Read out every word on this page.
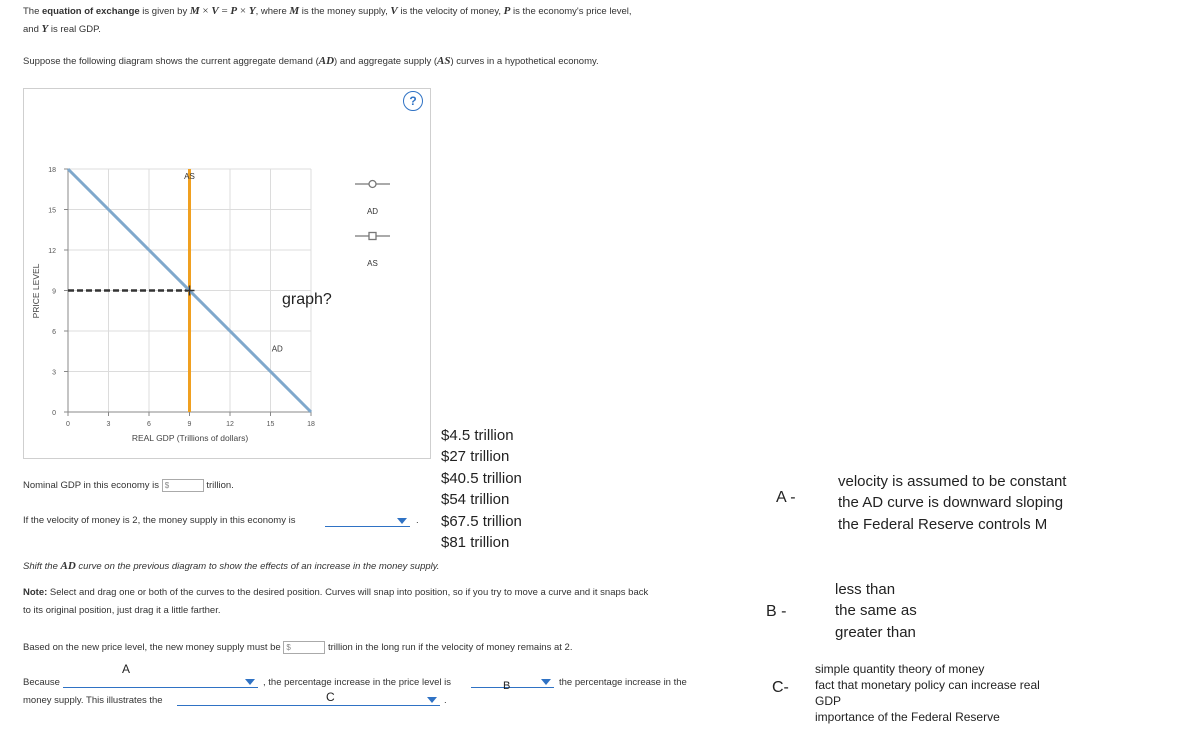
The equation of exchange is given by M × V = P × Y, where M is the money supply, V is the velocity of money, P is the economy's price level,
and Y is real GDP.
Suppose the following diagram shows the current aggregate demand (AD) and aggregate supply (AS) curves in a hypothetical economy.
?
0
3
6
9
12
15
18
0	3	6	9	12	15	18
AS
AD
AD
AS
PRICE LEVEL
REAL GDP (Trillions of dollars)
graph?
Nominal GDP in this economy is $	trillion.
If the velocity of money is 2, the money supply in this economy is	.
Shift the AD curve on the previous diagram to show the effects of an increase in the money supply.
Note: Select and drag one or both of the curves to the desired position. Curves will snap into position, so if you try to move a curve and it snaps back
to its original position, just drag it a little farther.
Based on the new price level, the new money supply must be $	trillion in the long run if the velocity of money remains at 2.
A
Because	, the percentage increase in the price level is	B	the percentage increase in the
money supply. This illustrates the	C	.
$4.5 trillion
$27 trillion
$40.5 trillion
$54 trillion
$67.5 trillion
$81 trillion
A -
velocity is assumed to be constant
the AD curve is downward sloping
the Federal Reserve controls M
B -
less than
the same as
greater than
C-
simple quantity theory of money
fact that monetary policy can increase real
GDP
importance of the Federal Reserve
